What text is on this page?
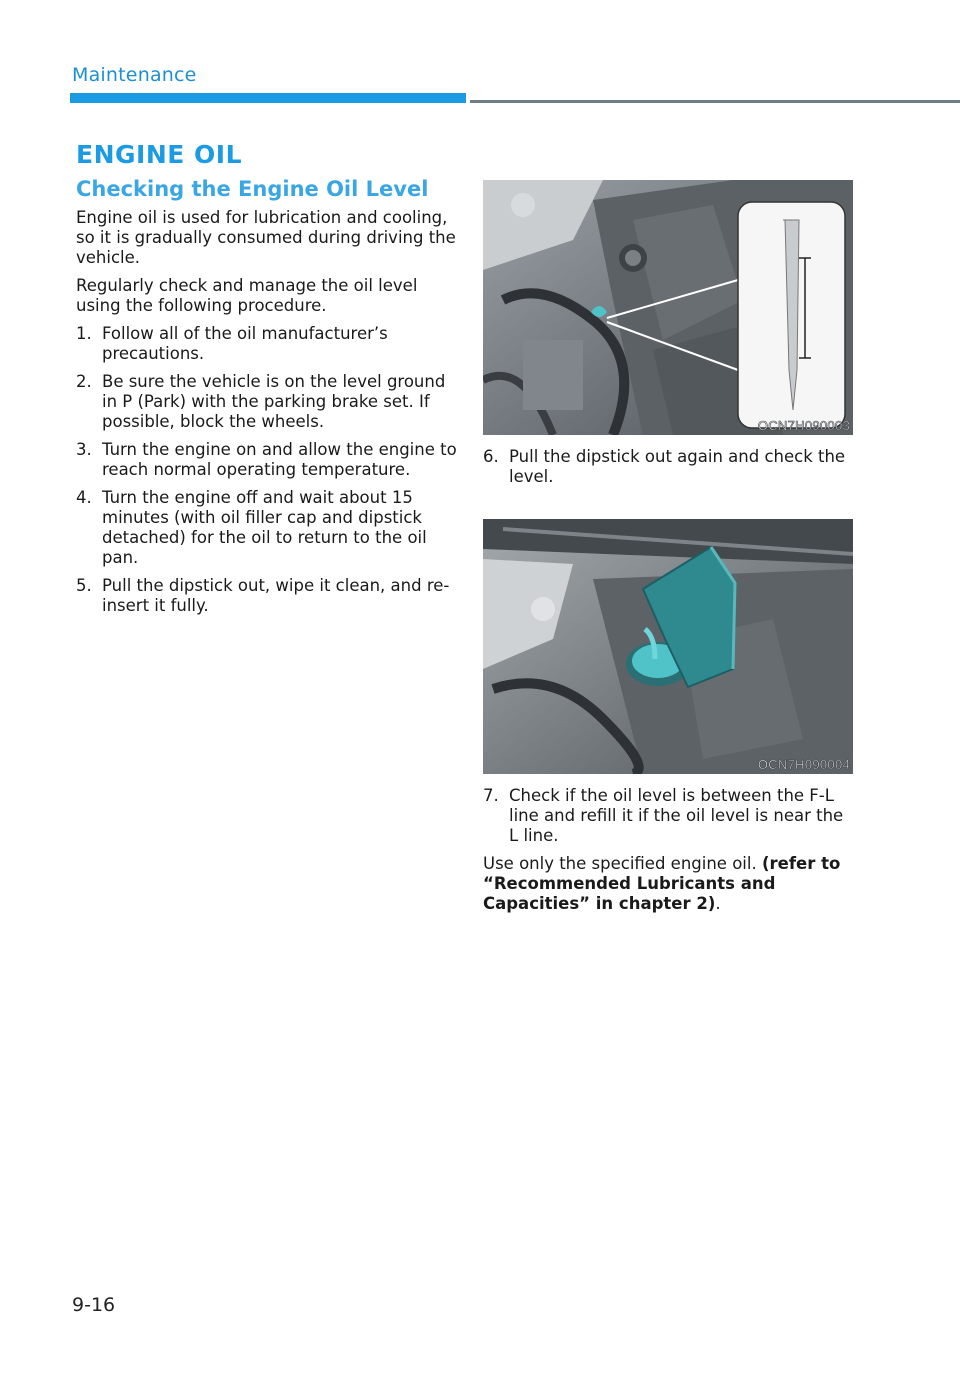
Maintenance
ENGINE OIL
Checking the Engine Oil Level

Engine oil is used for lubrication and cooling, so it is gradually consumed during driving the vehicle.

Regularly check and manage the oil level using the following procedure.

1. Follow all of the oil manufacturer’s precautions.
2. Be sure the vehicle is on the level ground in P (Park) with the parking brake set. If possible, block the wheels.
3. Turn the engine on and allow the engine to reach normal operating temperature.
4. Turn the engine off and wait about 15 minutes (with oil filler cap and dipstick detached) for the oil to return to the oil pan.
5. Pull the dipstick out, wipe it clean, and re-insert it fully.
OCN7H090003

6. Pull the dipstick out again and check the level.

OCN7H090004

7. Check if the oil level is between the F-L line and refill it if the oil level is near the L line.

Use only the specified engine oil. (refer to “Recommended Lubricants and Capacities” in chapter 2).

9-16
